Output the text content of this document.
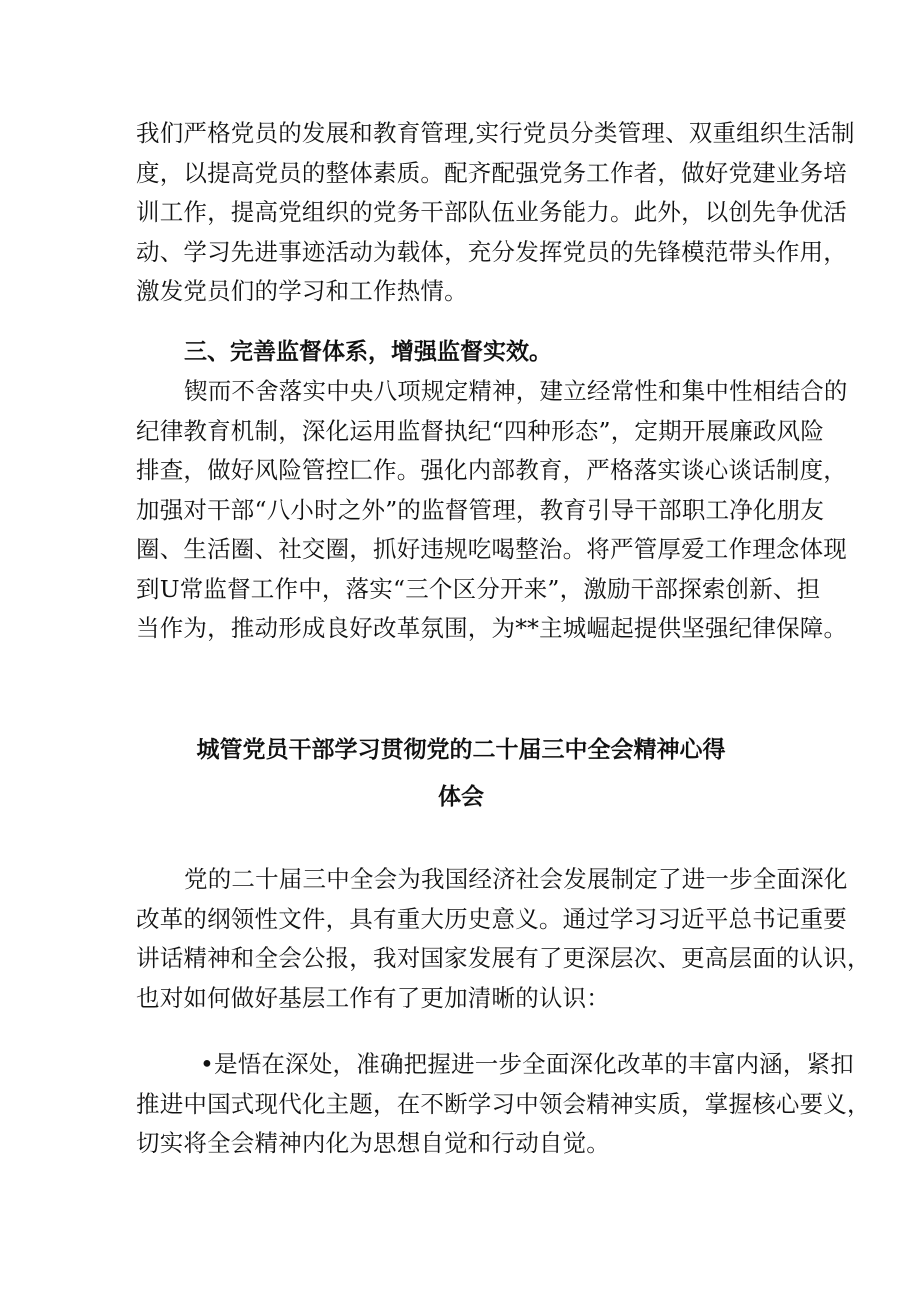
我们严格党员的发展和教育管理,实行党员分类管理、双重组织生活制
度，以提高党员的整体素质。配齐配强党务工作者，做好党建业务培
训工作，提高党组织的党务干部队伍业务能力。此外，以创先争优活
动、学习先进事迹活动为载体，充分发挥党员的先锋模范带头作用，
激发党员们的学习和工作热情。
三、完善监督体系，增强监督实效。
锲而不舍落实中央八项规定精神，建立经常性和集中性相结合的
纪律教育机制，深化运用监督执纪“四种形态”，定期开展廉政风险
排查，做好风险管控匚作。强化内部教育，严格落实谈心谈话制度，
加强对干部“八小时之外”的监督管理，教育引导干部职工净化朋友
圈、生活圈、社交圈，抓好违规吃喝整治。将严管厚爱工作理念体现
到U常监督工作中，落实“三个区分开来”，激励干部探索创新、担
当作为，推动形成良好改革氛围，为**主城崛起提供坚强纪律保障。
城管党员干部学习贯彻党的二十届三中全会精神心得
体会
党的二十届三中全会为我国经济社会发展制定了进一步全面深化
改革的纲领性文件，具有重大历史意义。通过学习习近平总书记重要
讲话精神和全会公报，我对国家发展有了更深层次、更高层面的认识，
也对如何做好基层工作有了更加清晰的认识：
•是悟在深处，准确把握进一步全面深化改革的丰富内涵，紧扣
推进中国式现代化主题，在不断学习中领会精神实质，掌握核心要义，
切实将全会精神内化为思想自觉和行动自觉。
